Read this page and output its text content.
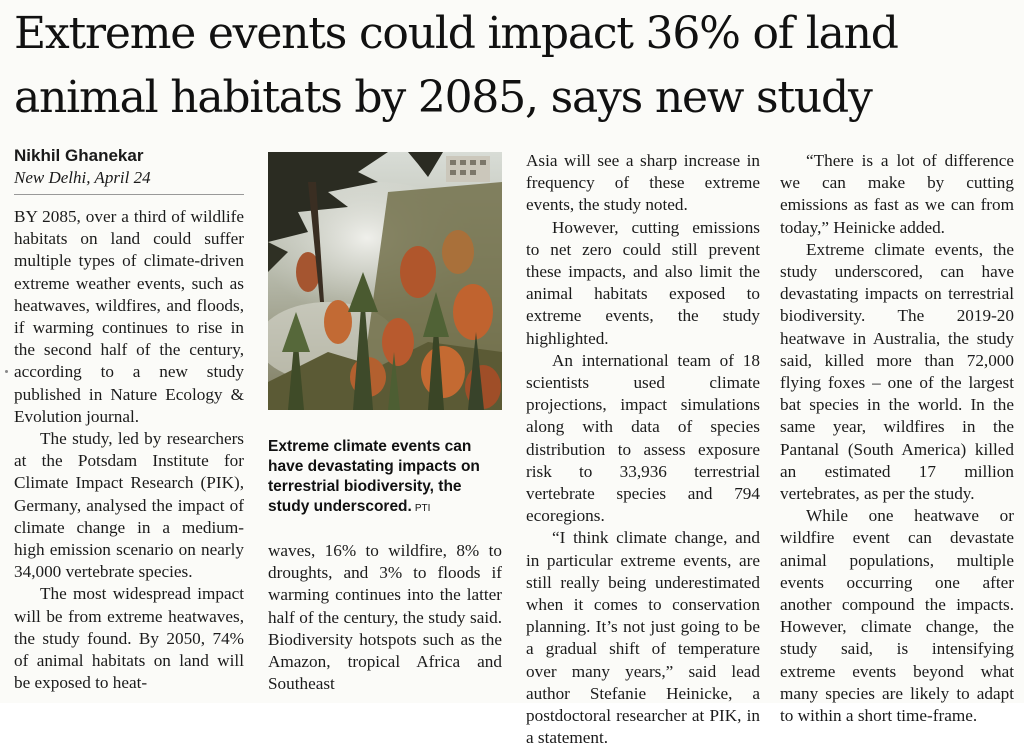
Extreme events could impact 36% of land animal habitats by 2085, says new study
Nikhil Ghanekar
New Delhi, April 24

BY 2085, over a third of wildlife habitats on land could suffer multiple types of climate-driven extreme weather events, such as heatwaves, wildfires, and floods, if warming continues to rise in the second half of the century, according to a new study published in Nature Ecology & Evolution journal.

The study, led by researchers at the Potsdam Institute for Climate Impact Research (PIK), Germany, analysed the impact of climate change in a medium-high emission scenario on nearly 34,000 vertebrate species.

The most widespread impact will be from extreme heatwaves, the study found. By 2050, 74% of animal habitats on land will be exposed to heat-

Extreme climate events can have devastating impacts on terrestrial biodiversity, the study underscored. PTI

waves, 16% to wildfire, 8% to droughts, and 3% to floods if warming continues into the latter half of the century, the study said. Biodiversity hotspots such as the Amazon, tropical Africa and Southeast

Asia will see a sharp increase in frequency of these extreme events, the study noted.

However, cutting emissions to net zero could still prevent these impacts, and also limit the animal habitats exposed to extreme events, the study highlighted.

An international team of 18 scientists used climate projections, impact simulations along with data of species distribution to assess exposure risk to 33,936 terrestrial vertebrate species and 794 ecoregions.

“I think climate change, and in particular extreme events, are still really being underestimated when it comes to conservation planning. It’s not just going to be a gradual shift of temperature over many years,” said lead author Stefanie Heinicke, a postdoctoral researcher at PIK, in a statement.

“There is a lot of difference we can make by cutting emissions as fast as we can from today,” Heinicke added.

Extreme climate events, the study underscored, can have devastating impacts on terrestrial biodiversity. The 2019-20 heatwave in Australia, the study said, killed more than 72,000 flying foxes – one of the largest bat species in the world. In the same year, wildfires in the Pantanal (South America) killed an estimated 17 million vertebrates, as per the study.

While one heatwave or wildfire event can devastate animal populations, multiple events occurring one after another compound the impacts. However, climate change, the study said, is intensifying extreme events beyond what many species are likely to adapt to within a short time-frame.
